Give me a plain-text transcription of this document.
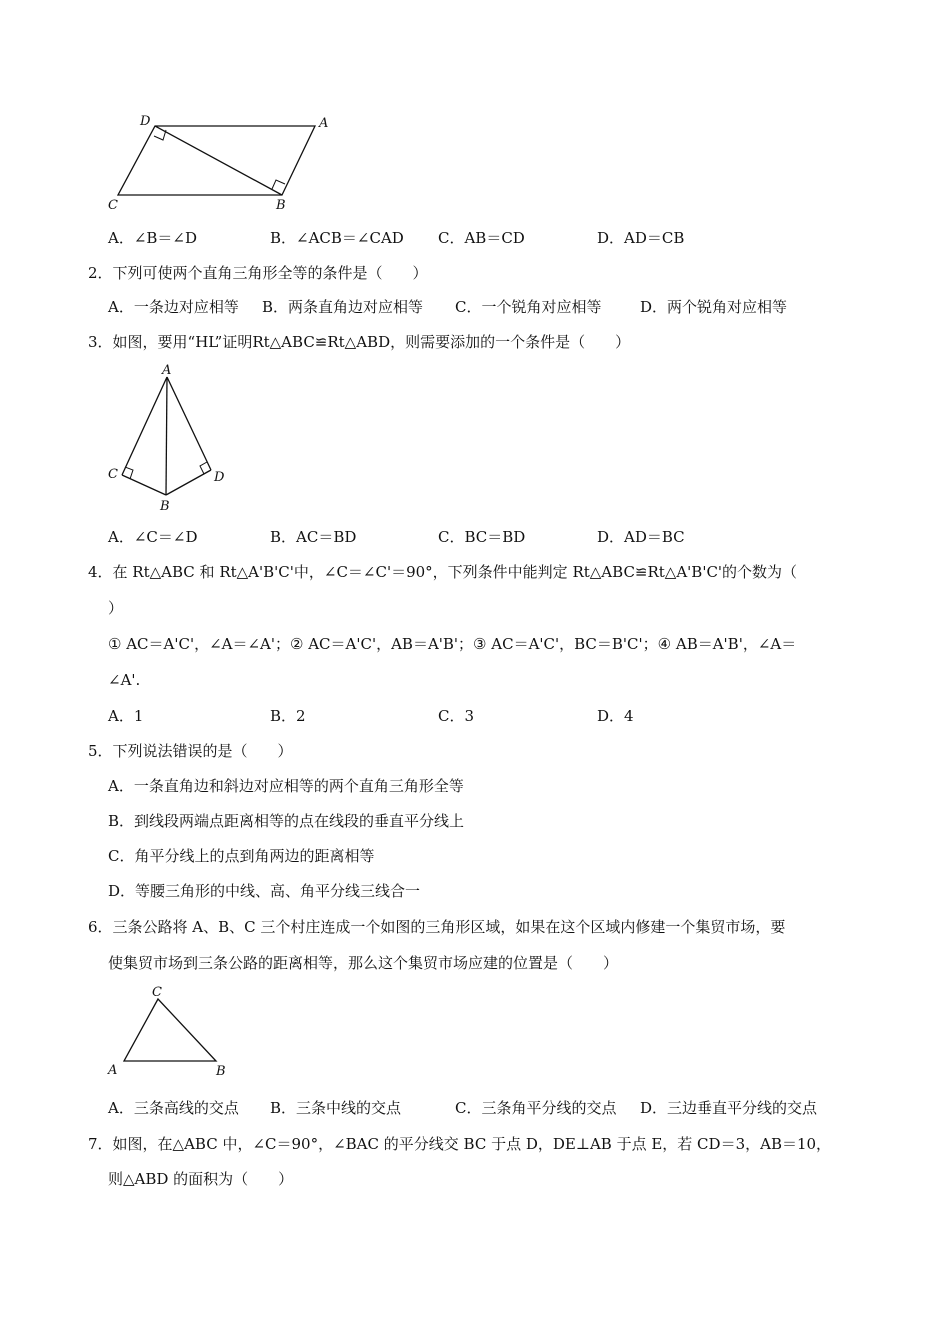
D	A
C	B
A．∠B＝∠D	B．∠ACB＝∠CAD C．AB＝CD	D．AD＝CB
2．下列可使两个直角三角形全等的条件是（　　）
A．一条边对应相等 B．两条直角边对应相等 C．一个锐角对应相等	D．两个锐角对应相等
3．如图，要用“HL”证明Rt△ABC≌Rt△ABD，则需要添加的一个条件是（　　）
A
C	D
B
A．∠C＝∠D	B．AC＝BD	C．BC＝BD	D．AD＝BC
4．在 Rt△ABC 和 Rt△A'B'C'中，∠C＝∠C'＝90°，下列条件中能判定 Rt△ABC≌Rt△A'B'C'的个数为（
）
① AC＝A'C'，∠A＝∠A'；② AC＝A'C'，AB＝A'B'；③ AC＝A'C'，BC＝B'C'；④ AB＝A'B'，∠A＝
∠A'.
A．1	B．2	C．3	D．4
5．下列说法错误的是（　　）
A．一条直角边和斜边对应相等的两个直角三角形全等
B．到线段两端点距离相等的点在线段的垂直平分线上
C．角平分线上的点到角两边的距离相等
D．等腰三角形的中线、高、角平分线三线合一
6．三条公路将 A、B、C 三个村庄连成一个如图的三角形区域，如果在这个区域内修建一个集贸市场，要
使集贸市场到三条公路的距离相等，那么这个集贸市场应建的位置是（　　）
C
A	B
A．三条高线的交点 B．三条中线的交点	C．三条角平分线的交点 D．三边垂直平分线的交点
7．如图，在△ABC 中，∠C＝90°，∠BAC 的平分线交 BC 于点 D，DE⊥AB 于点 E，若 CD＝3，AB＝10，
则△ABD 的面积为（　　）
